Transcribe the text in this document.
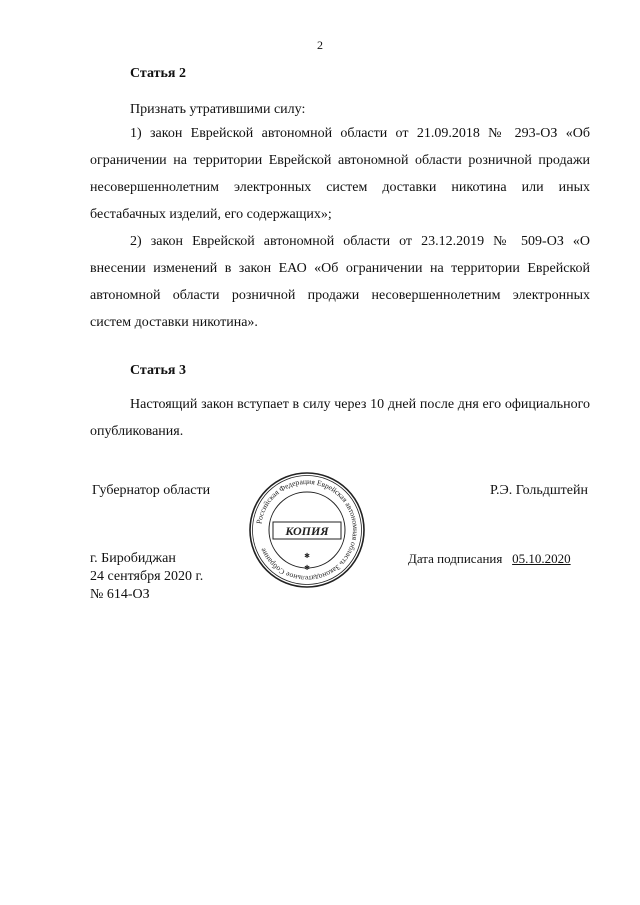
2
Статья 2
Признать утратившими силу:

1) закон Еврейской автономной области от 21.09.2018 № 293-ОЗ «Об ограничении на территории Еврейской автономной области розничной продажи несовершеннолетним электронных систем доставки никотина или иных бестабачных изделий, его содержащих»;

2) закон Еврейской автономной области от 23.12.2019 № 509-ОЗ «О внесении изменений в закон ЕАО «Об ограничении на территории Еврейской автономной области розничной продажи несовершеннолетним электронных систем доставки никотина».

Статья 3

Настоящий закон вступает в силу через 10 дней после дня его официального опубликования.

Губернатор области	Р.Э. Гольдштейн
г. Биробиджан
24 сентября 2020 г.
№ 614-ОЗ
Дата подписания 05.10.2020
Российская Федерация Еврейская автономная область Законодательное Собрание
КОПИЯ
✱
✱
